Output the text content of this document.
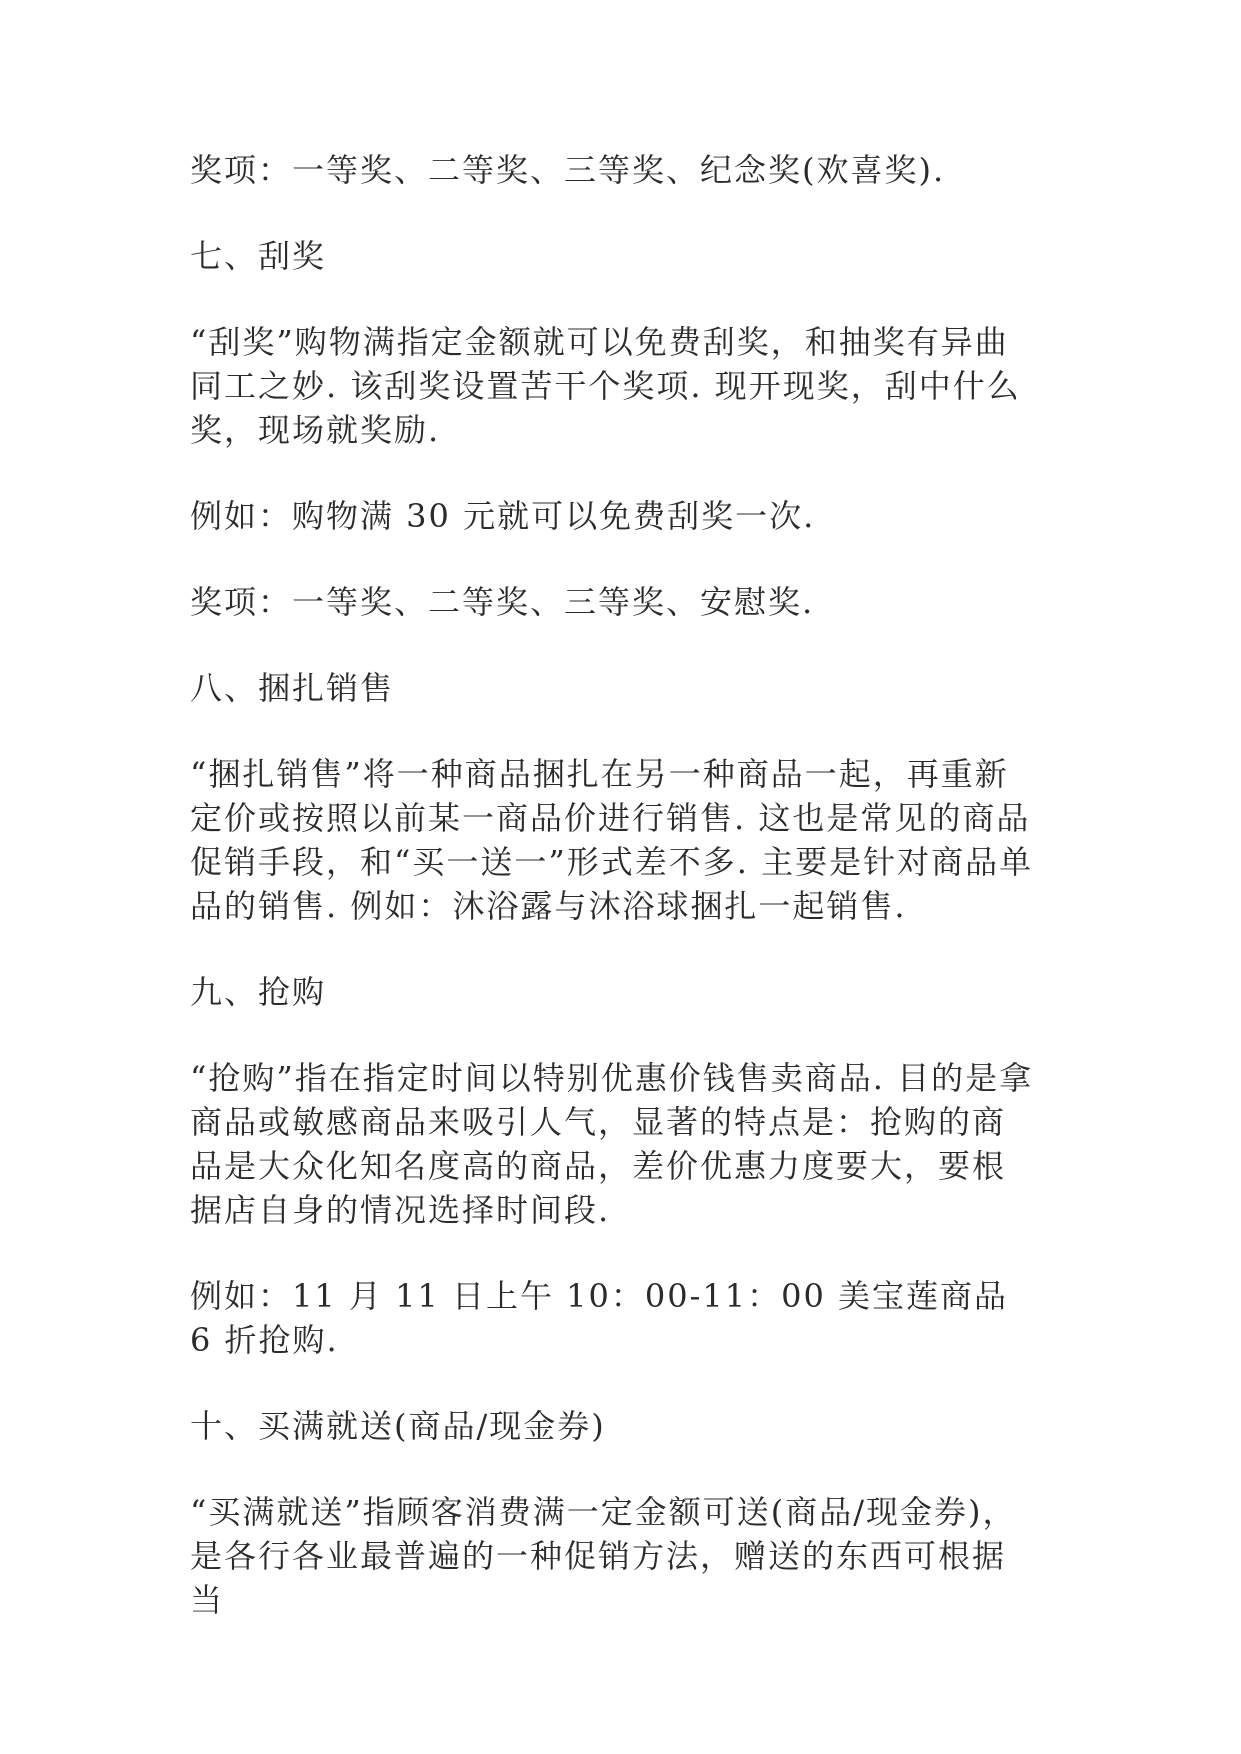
奖项：一等奖、二等奖、三等奖、纪念奖(欢喜奖).

七、刮奖

“刮奖”购物满指定金额就可以免费刮奖，和抽奖有异曲同工之妙. 该刮奖设置苦干个奖项. 现开现奖，刮中什么奖，现场就奖励.

例如：购物满 30 元就可以免费刮奖一次.

奖项：一等奖、二等奖、三等奖、安慰奖.

八、捆扎销售

“捆扎销售”将一种商品捆扎在另一种商品一起，再重新定价或按照以前某一商品价进行销售. 这也是常见的商品促销手段，和“买一送一”形式差不多. 主要是针对商品单品的销售. 例如：沐浴露与沐浴球捆扎一起销售.

九、抢购

“抢购”指在指定时间以特别优惠价钱售卖商品. 目的是拿商品或敏感商品来吸引人气，显著的特点是：抢购的商品是大众化知名度高的商品，差价优惠力度要大，要根据店自身的情况选择时间段.

例如：11 月 11 日上午 10：00-11：00 美宝莲商品 6 折抢购.

十、买满就送(商品/现金券)

“买满就送”指顾客消费满一定金额可送(商品/现金券)，是各行各业最普遍的一种促销方法，赠送的东西可根据当
